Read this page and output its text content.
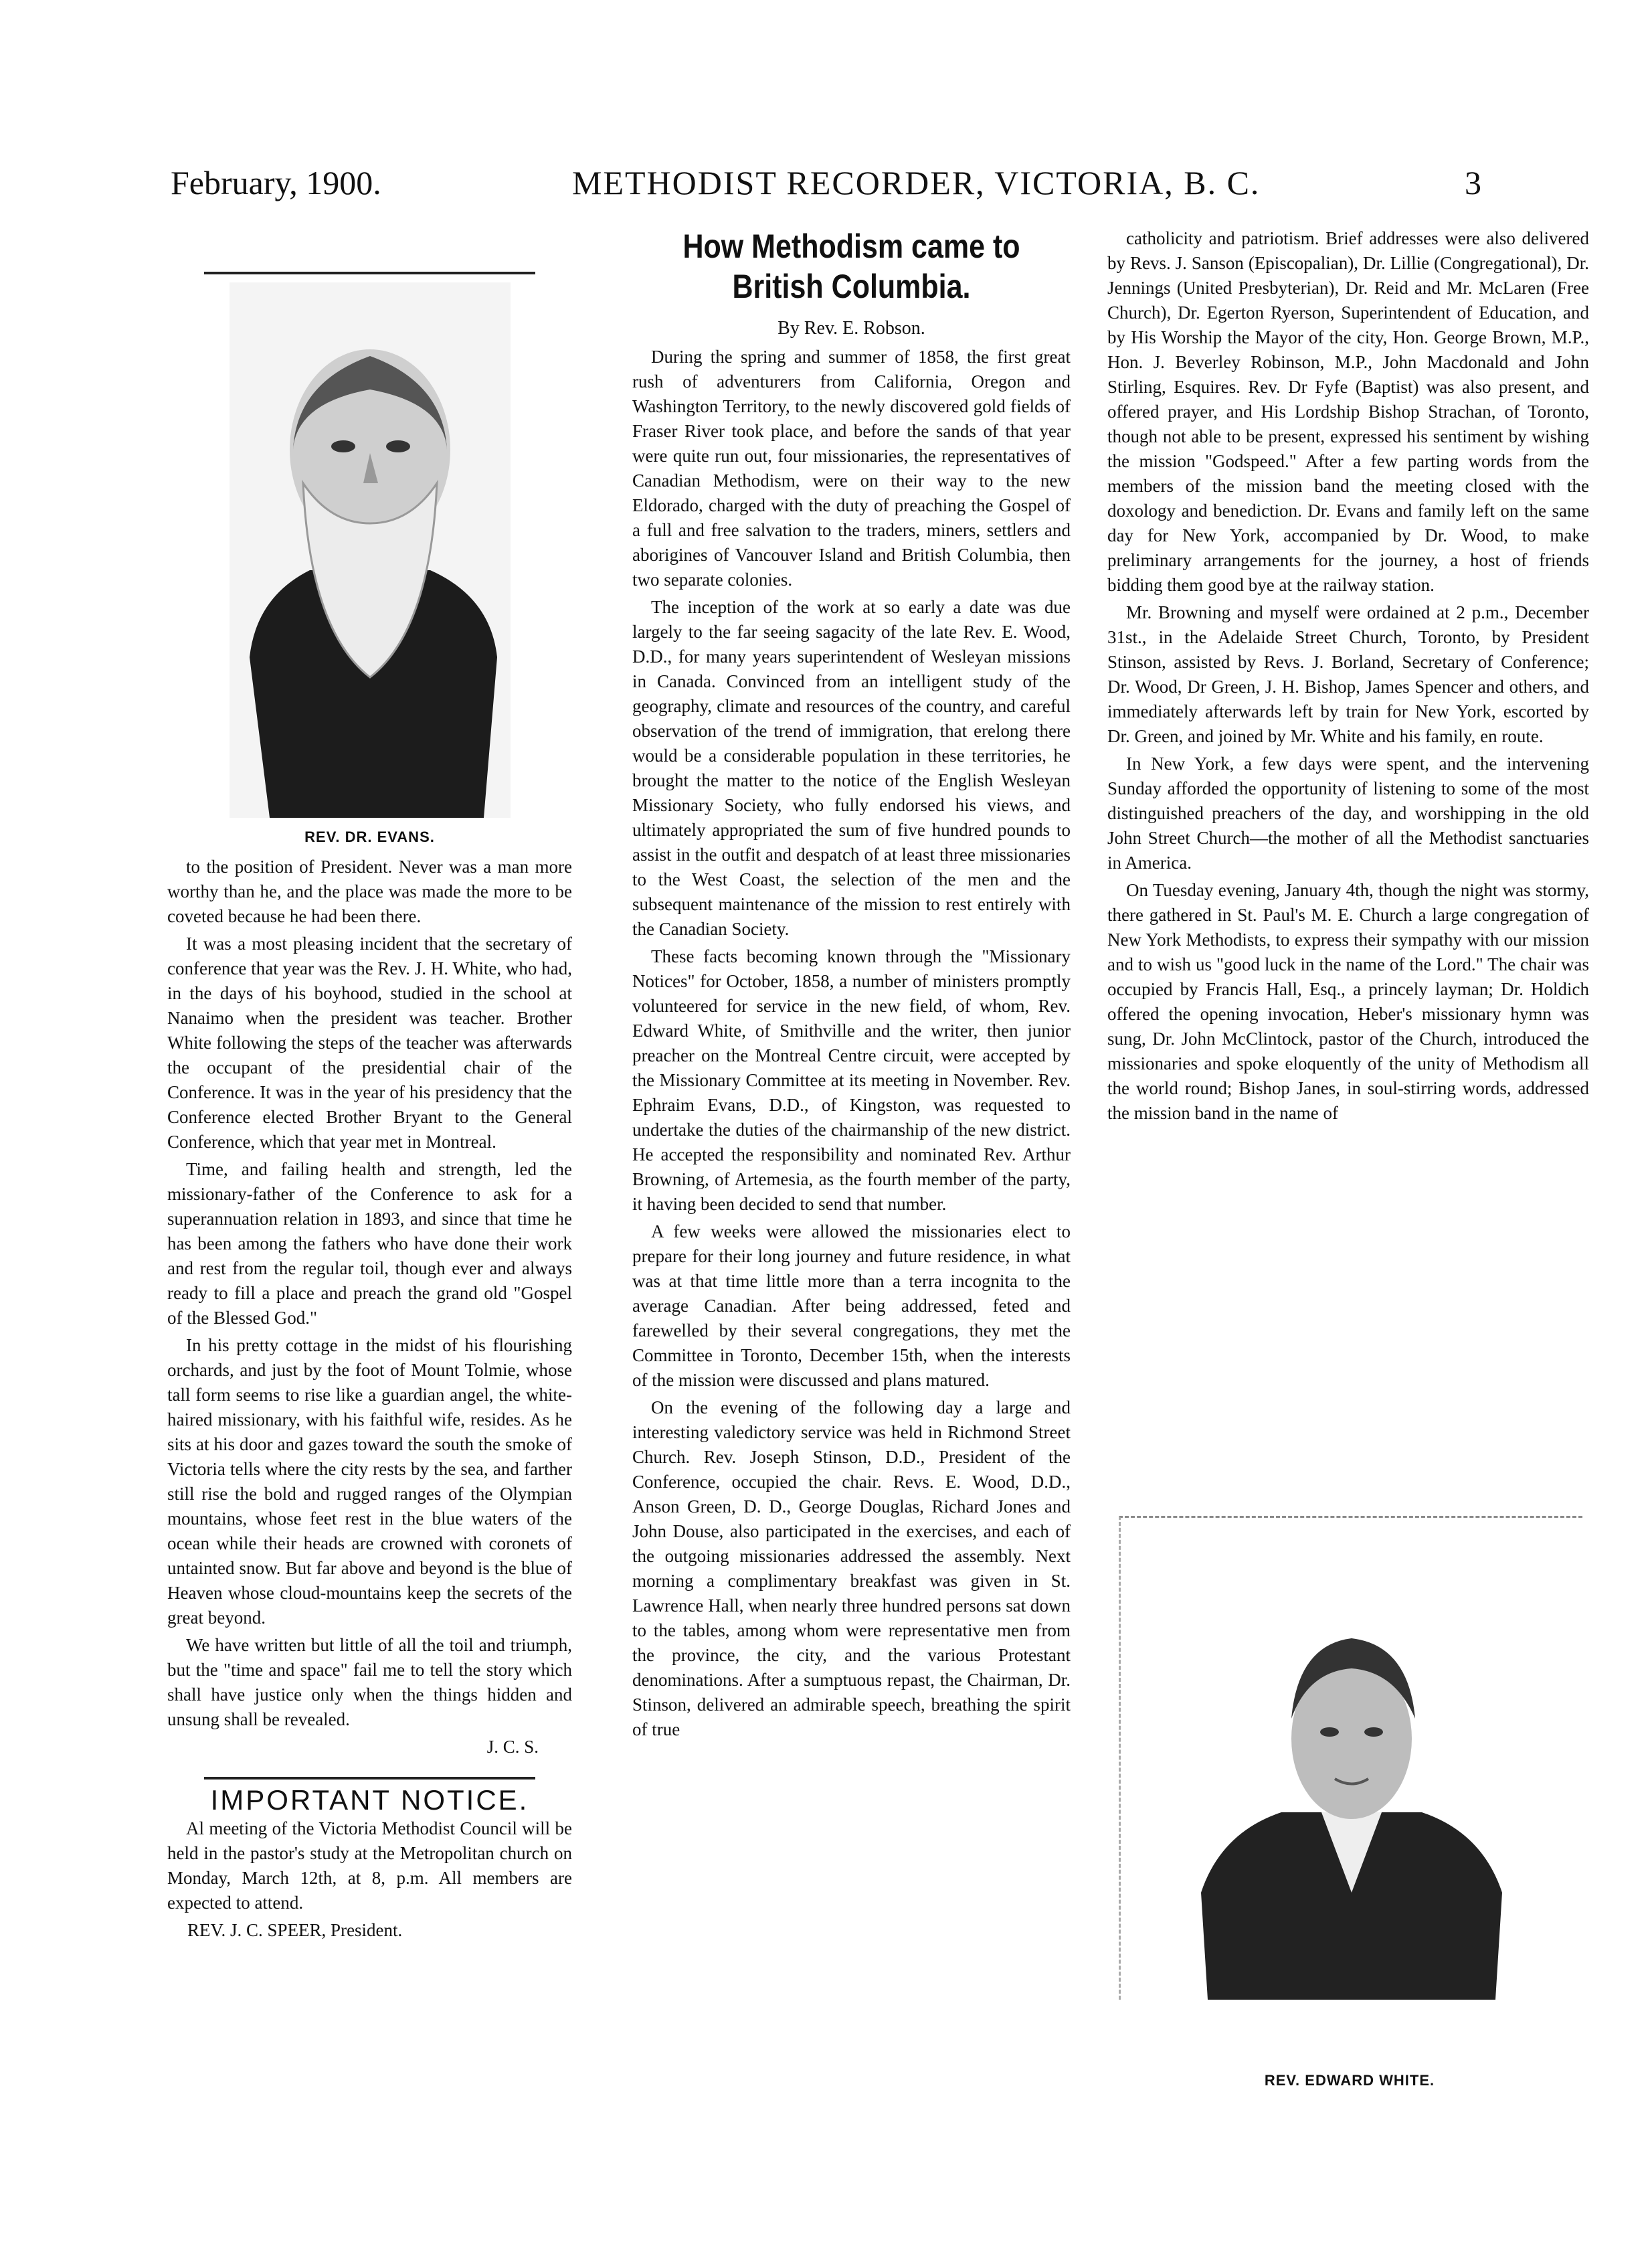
February, 1900.	METHODIST RECORDER, VICTORIA, B. C.	3
REV. DR. EVANS.

to the position of President. Never was a man more worthy than he, and the place was made the more to be coveted because he had been there.

It was a most pleasing incident that the secretary of conference that year was the Rev. J. H. White, who had, in the days of his boyhood, studied in the school at Nanaimo when the president was teacher. Brother White following the steps of the teacher was afterwards the occupant of the presidential chair of the Conference. It was in the year of his presidency that the Conference elected Brother Bryant to the General Conference, which that year met in Montreal.

Time, and failing health and strength, led the missionary-father of the Conference to ask for a superannuation relation in 1893, and since that time he has been among the fathers who have done their work and rest from the regular toil, though ever and always ready to fill a place and preach the grand old "Gospel of the Blessed God."

In his pretty cottage in the midst of his flourishing orchards, and just by the foot of Mount Tolmie, whose tall form seems to rise like a guardian angel, the white-haired missionary, with his faithful wife, resides. As he sits at his door and gazes toward the south the smoke of Victoria tells where the city rests by the sea, and farther still rise the bold and rugged ranges of the Olympian mountains, whose feet rest in the blue waters of the ocean while their heads are crowned with coronets of untainted snow. But far above and beyond is the blue of Heaven whose cloud-mountains keep the secrets of the great beyond.

We have written but little of all the toil and triumph, but the "time and space" fail me to tell the story which shall have justice only when the things hidden and unsung shall be revealed.

J. C. S.
IMPORTANT NOTICE.

Al meeting of the Victoria Methodist Council will be held in the pastor's study at the Metropolitan church on Monday, March 12th, at 8, p.m. All members are expected to attend.

REV. J. C. SPEER, President.
How Methodism came to British Columbia.
By Rev. E. Robson.

During the spring and summer of 1858, the first great rush of adventurers from California, Oregon and Washington Territory, to the newly discovered gold fields of Fraser River took place, and before the sands of that year were quite run out, four missionaries, the representatives of Canadian Methodism, were on their way to the new Eldorado, charged with the duty of preaching the Gospel of a full and free salvation to the traders, miners, settlers and aborigines of Vancouver Island and British Columbia, then two separate colonies.

The inception of the work at so early a date was due largely to the far seeing sagacity of the late Rev. E. Wood, D.D., for many years superintendent of Wesleyan missions in Canada. Convinced from an intelligent study of the geography, climate and resources of the country, and careful observation of the trend of immigration, that erelong there would be a considerable population in these territories, he brought the matter to the notice of the English Wesleyan Missionary Society, who fully endorsed his views, and ultimately appropriated the sum of five hundred pounds to assist in the outfit and despatch of at least three missionaries to the West Coast, the selection of the men and the subsequent maintenance of the mission to rest entirely with the Canadian Society.

These facts becoming known through the "Missionary Notices" for October, 1858, a number of ministers promptly volunteered for service in the new field, of whom, Rev. Edward White, of Smithville and the writer, then junior preacher on the Montreal Centre circuit, were accepted by the Missionary Committee at its meeting in November. Rev. Ephraim Evans, D.D., of Kingston, was requested to undertake the duties of the chairmanship of the new district. He accepted the responsibility and nominated Rev. Arthur Browning, of Artemesia, as the fourth member of the party, it having been decided to send that number.

A few weeks were allowed the missionaries elect to prepare for their long journey and future residence, in what was at that time little more than a terra incognita to the average Canadian. After being addressed, feted and farewelled by their several congregations, they met the Committee in Toronto, December 15th, when the interests of the mission were discussed and plans matured.

On the evening of the following day a large and interesting valedictory service was held in Richmond Street Church. Rev. Joseph Stinson, D.D., President of the Conference, occupied the chair. Revs. E. Wood, D.D., Anson Green, D. D., George Douglas, Richard Jones and John Douse, also participated in the exercises, and each of the outgoing missionaries addressed the assembly. Next morning a complimentary breakfast was given in St. Lawrence Hall, when nearly three hundred persons sat down to the tables, among whom were representative men from the province, the city, and the various Protestant denominations. After a sumptuous repast, the Chairman, Dr. Stinson, delivered an admirable speech, breathing the spirit of true

catholicity and patriotism. Brief addresses were also delivered by Revs. J. Sanson (Episcopalian), Dr. Lillie (Congregational), Dr. Jennings (United Presbyterian), Dr. Reid and Mr. McLaren (Free Church), Dr. Egerton Ryerson, Superintendent of Education, and by His Worship the Mayor of the city, Hon. George Brown, M.P., Hon. J. Beverley Robinson, M.P., John Macdonald and John Stirling, Esquires. Rev. Dr Fyfe (Baptist) was also present, and offered prayer, and His Lordship Bishop Strachan, of Toronto, though not able to be present, expressed his sentiment by wishing the mission "Godspeed." After a few parting words from the members of the mission band the meeting closed with the doxology and benediction. Dr. Evans and family left on the same day for New York, accompanied by Dr. Wood, to make preliminary arrangements for the journey, a host of friends bidding them good bye at the railway station.

Mr. Browning and myself were ordained at 2 p.m., December 31st., in the Adelaide Street Church, Toronto, by President Stinson, assisted by Revs. J. Borland, Secretary of Conference; Dr. Wood, Dr Green, J. H. Bishop, James Spencer and others, and immediately afterwards left by train for New York, escorted by Dr. Green, and joined by Mr. White and his family, en route.

In New York, a few days were spent, and the intervening Sunday afforded the opportunity of listening to some of the most distinguished preachers of the day, and worshipping in the old John Street Church—the mother of all the Methodist sanctuaries in America.

On Tuesday evening, January 4th, though the night was stormy, there gathered in St. Paul's M. E. Church a large congregation of New York Methodists, to express their sympathy with our mission and to wish us "good luck in the name of the Lord." The chair was occupied by Francis Hall, Esq., a princely layman; Dr. Holdich offered the opening invocation, Heber's missionary hymn was sung, Dr. John McClintock, pastor of the Church, introduced the missionaries and spoke eloquently of the unity of Methodism all the world round; Bishop Janes, in soul-stirring words, addressed the mission band in the name of

REV. EDWARD WHITE.
